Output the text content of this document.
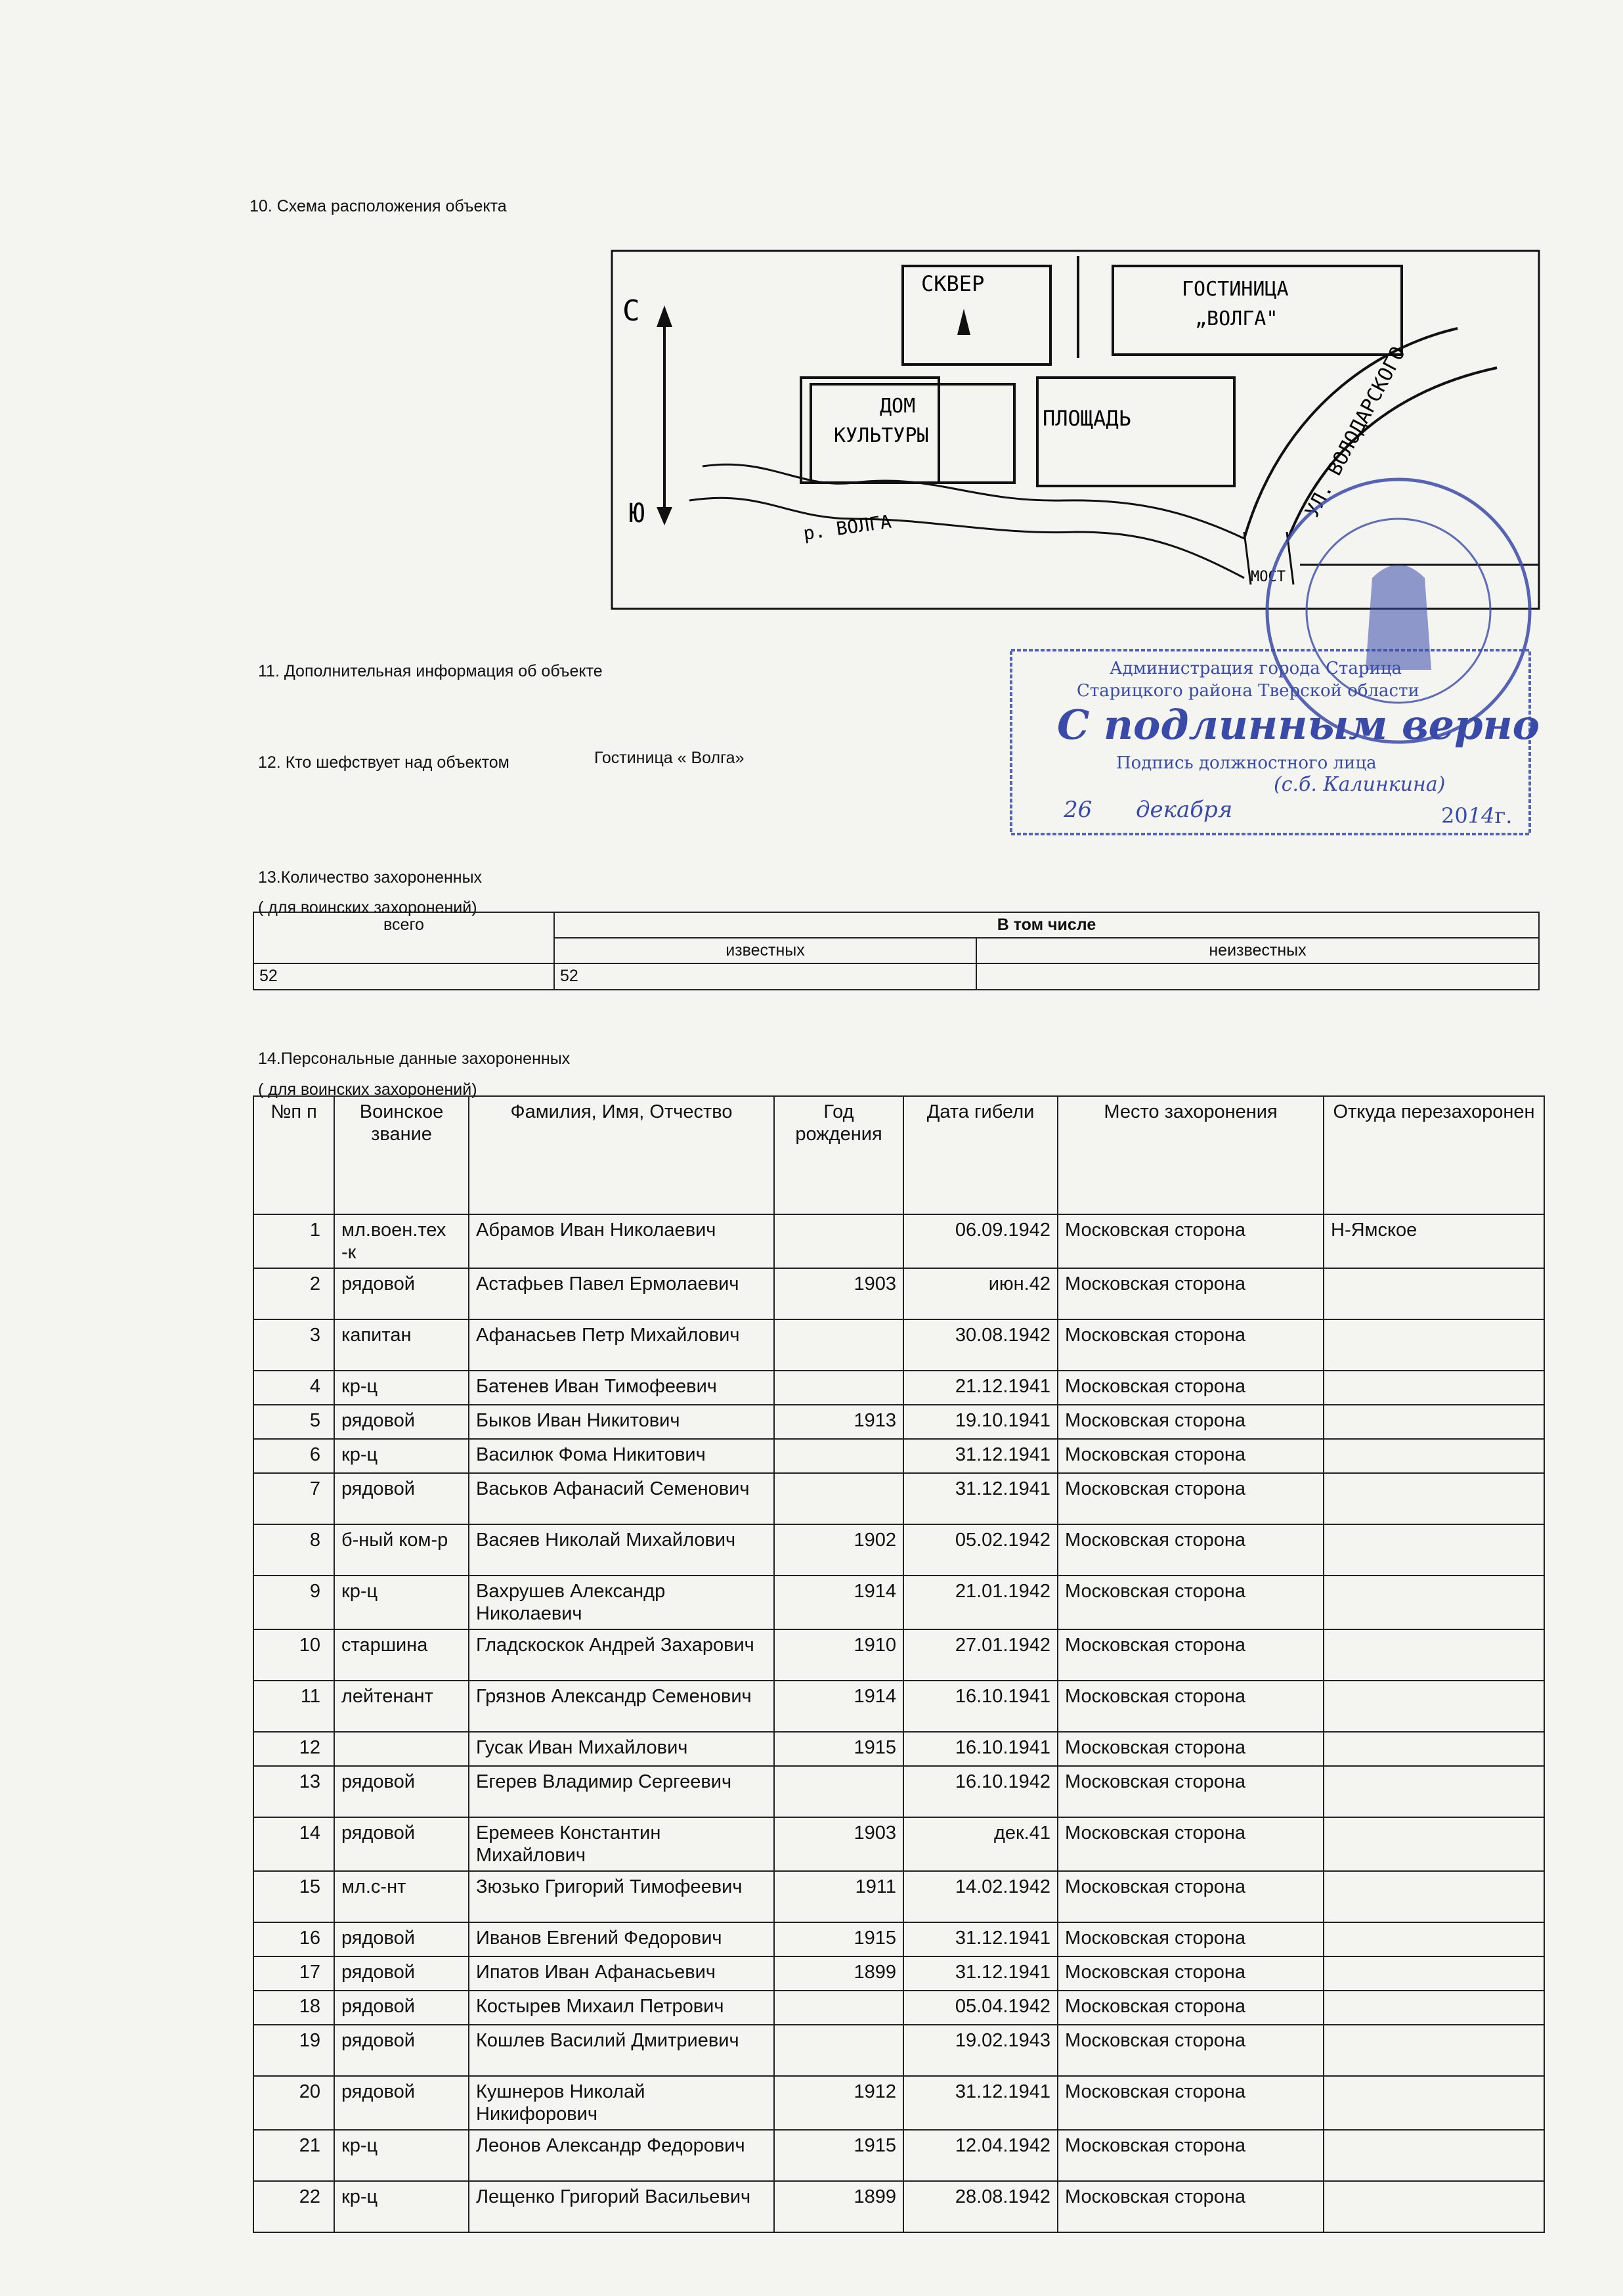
10. Схема расположения объекта
С
Ю
СКВЕР	ГОСТИНИЦА
„ВОЛГА"
ДОМ
КУЛЬТУРЫ
ПЛОЩАДЬ	УЛ. ВОЛОДАРСКОГО
р. ВОЛГА
МОСТ
Администрация города Старица
Старицкого района Тверской области
С подлинным верно
Подпись должностного лица
(с.б. Калинкина)
26 декабря	2014г.
11. Дополнительная информация об объекте
12. Кто шефствует над объектом	Гостиница « Волга»
13.Количество захороненных
( для воинских захоронений)
всего	В том числе	
	известных	неизвестных
52	52	
14.Персональные данные захороненных
( для воинских захоронений)
№п п	Воинское звание	Фамилия, Имя, Отчество	Год рождения	Дата гибели	Место захоронения	Откуда перезахоронен
1	мл.воен.тех -к	Абрамов Иван Николаевич		06.09.1942	Московская сторона	Н-Ямское
2	рядовой	Астафьев Павел Ермолаевич	1903	июн.42	Московская сторона	
3	капитан	Афанасьев Петр Михайлович		30.08.1942	Московская сторона	
4	кр-ц	Батенев Иван Тимофеевич		21.12.1941	Московская сторона	
5	рядовой	Быков Иван Никитович	1913	19.10.1941	Московская сторона	
6	кр-ц	Василюк Фома Никитович		31.12.1941	Московская сторона	
7	рядовой	Васьков Афанасий Семенович		31.12.1941	Московская сторона	
8	б-ный ком-р	Васяев Николай Михайлович	1902	05.02.1942	Московская сторона	
9	кр-ц	Вахрушев Александр Николаевич	1914	21.01.1942	Московская сторона	
10	старшина	Гладскоскок Андрей Захарович	1910	27.01.1942	Московская сторона	
11	лейтенант	Грязнов Александр Семенович	1914	16.10.1941	Московская сторона	
12		Гусак Иван Михайлович	1915	16.10.1941	Московская сторона	
13	рядовой	Егерев Владимир Сергеевич		16.10.1942	Московская сторона	
14	рядовой	Еремеев Константин Михайлович	1903	дек.41	Московская сторона	
15	мл.с-нт	Зюзько Григорий Тимофеевич	1911	14.02.1942	Московская сторона	
16	рядовой	Иванов Евгений Федорович	1915	31.12.1941	Московская сторона	
17	рядовой	Ипатов Иван Афанасьевич	1899	31.12.1941	Московская сторона	
18	рядовой	Костырев Михаил Петрович		05.04.1942	Московская сторона	
19	рядовой	Кошлев Василий Дмитриевич		19.02.1943	Московская сторона	
20	рядовой	Кушнеров Николай Никифорович	1912	31.12.1941	Московская сторона	
21	кр-ц	Леонов Александр Федорович	1915	12.04.1942	Московская сторона	
22	кр-ц	Лещенко Григорий Васильевич	1899	28.08.1942	Московская сторона	
